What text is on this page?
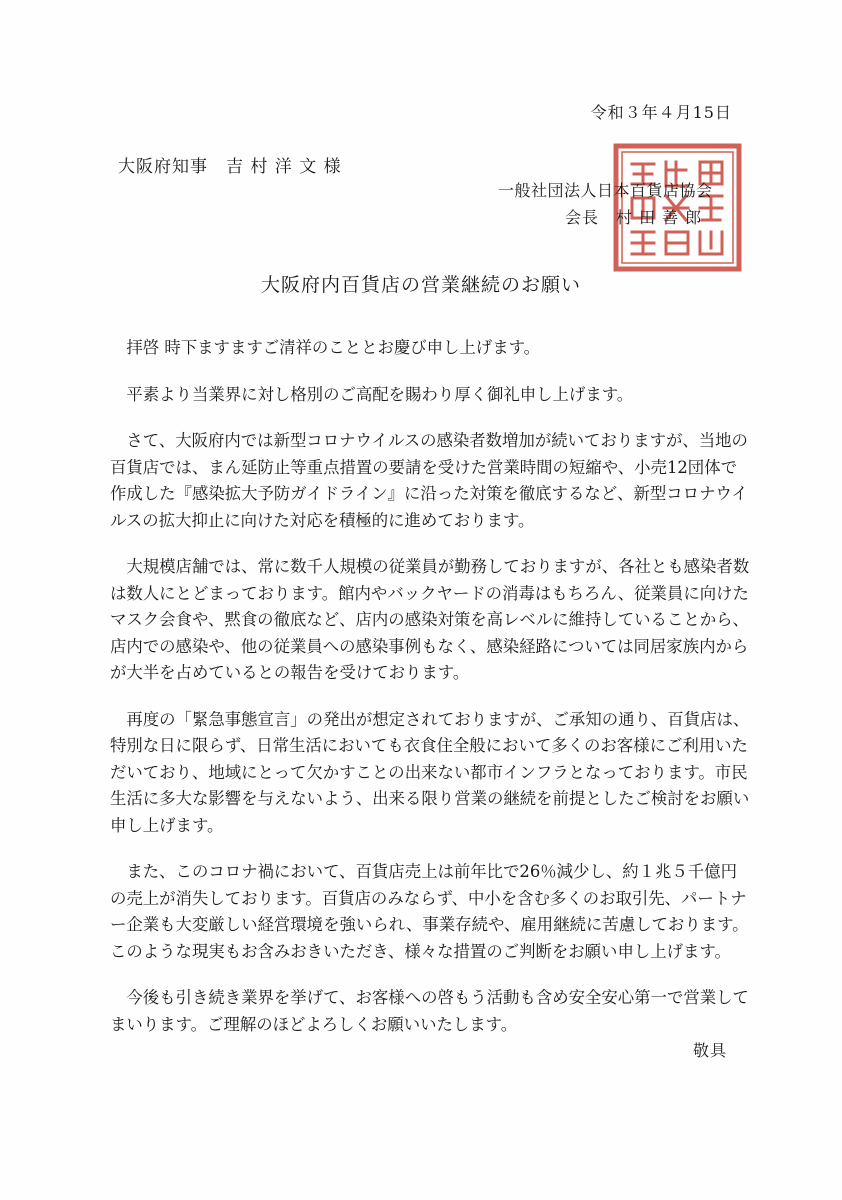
令和３年４月15日
大阪府知事　吉 村 洋 文 様
一般社団法人日本百貨店協会
会長　村 田 善 郎
大阪府内百貨店の営業継続のお願い

拝啓 時下ますますご清祥のこととお慶び申し上げます。

平素より当業界に対し格別のご高配を賜わり厚く御礼申し上げます。

さて、大阪府内では新型コロナウイルスの感染者数増加が続いておりますが、当地の百貨店では、まん延防止等重点措置の要請を受けた営業時間の短縮や、小売12団体で作成した『感染拡大予防ガイドライン』に沿った対策を徹底するなど、新型コロナウイルスの拡大抑止に向けた対応を積極的に進めております。

大規模店舗では、常に数千人規模の従業員が勤務しておりますが、各社とも感染者数は数人にとどまっております。館内やバックヤードの消毒はもちろん、従業員に向けたマスク会食や、黙食の徹底など、店内の感染対策を高レベルに維持していることから、店内での感染や、他の従業員への感染事例もなく、感染経路については同居家族内からが大半を占めているとの報告を受けております。

再度の「緊急事態宣言」の発出が想定されておりますが、ご承知の通り、百貨店は、特別な日に限らず、日常生活においても衣食住全般において多くのお客様にご利用いただいており、地域にとって欠かすことの出来ない都市インフラとなっております。市民生活に多大な影響を与えないよう、出来る限り営業の継続を前提としたご検討をお願い申し上げます。

また、このコロナ禍において、百貨店売上は前年比で26％減少し、約１兆５千億円の売上が消失しております。百貨店のみならず、中小を含む多くのお取引先、パートナー企業も大変厳しい経営環境を強いられ、事業存続や、雇用継続に苦慮しております。このような現実もお含みおきいただき、様々な措置のご判断をお願い申し上げます。

今後も引き続き業界を挙げて、お客様への啓もう活動も含め安全安心第一で営業してまいります。ご理解のほどよろしくお願いいたします。

敬具
